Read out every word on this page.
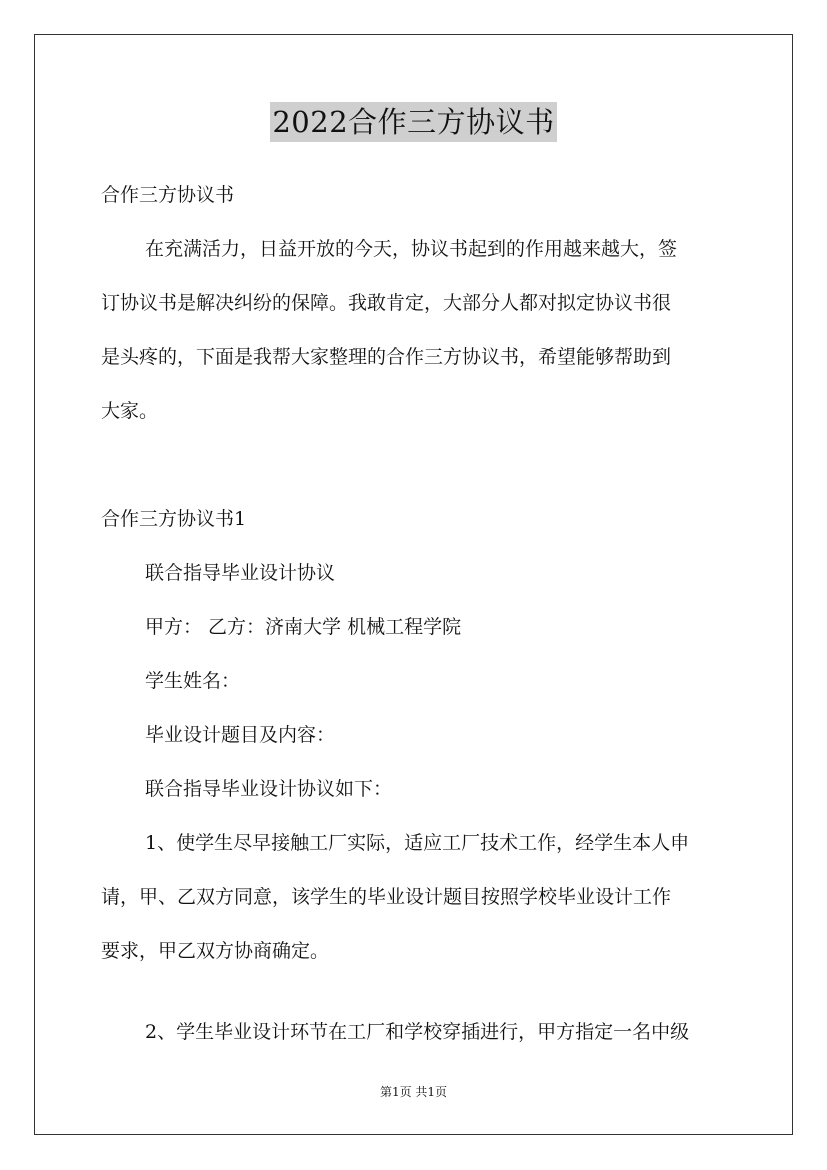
2022合作三方协议书
合作三方协议书
在充满活力，日益开放的今天，协议书起到的作用越来越大，签
订协议书是解决纠纷的保障。我敢肯定，大部分人都对拟定协议书很
是头疼的，下面是我帮大家整理的合作三方协议书，希望能够帮助到
大家。
合作三方协议书1
联合指导毕业设计协议
甲方： 乙方：济南大学 机械工程学院
学生姓名：
毕业设计题目及内容：
联合指导毕业设计协议如下：
1、使学生尽早接触工厂实际，适应工厂技术工作，经学生本人申
请，甲、乙双方同意，该学生的毕业设计题目按照学校毕业设计工作
要求，甲乙双方协商确定。
2、学生毕业设计环节在工厂和学校穿插进行，甲方指定一名中级
第1页 共1页
